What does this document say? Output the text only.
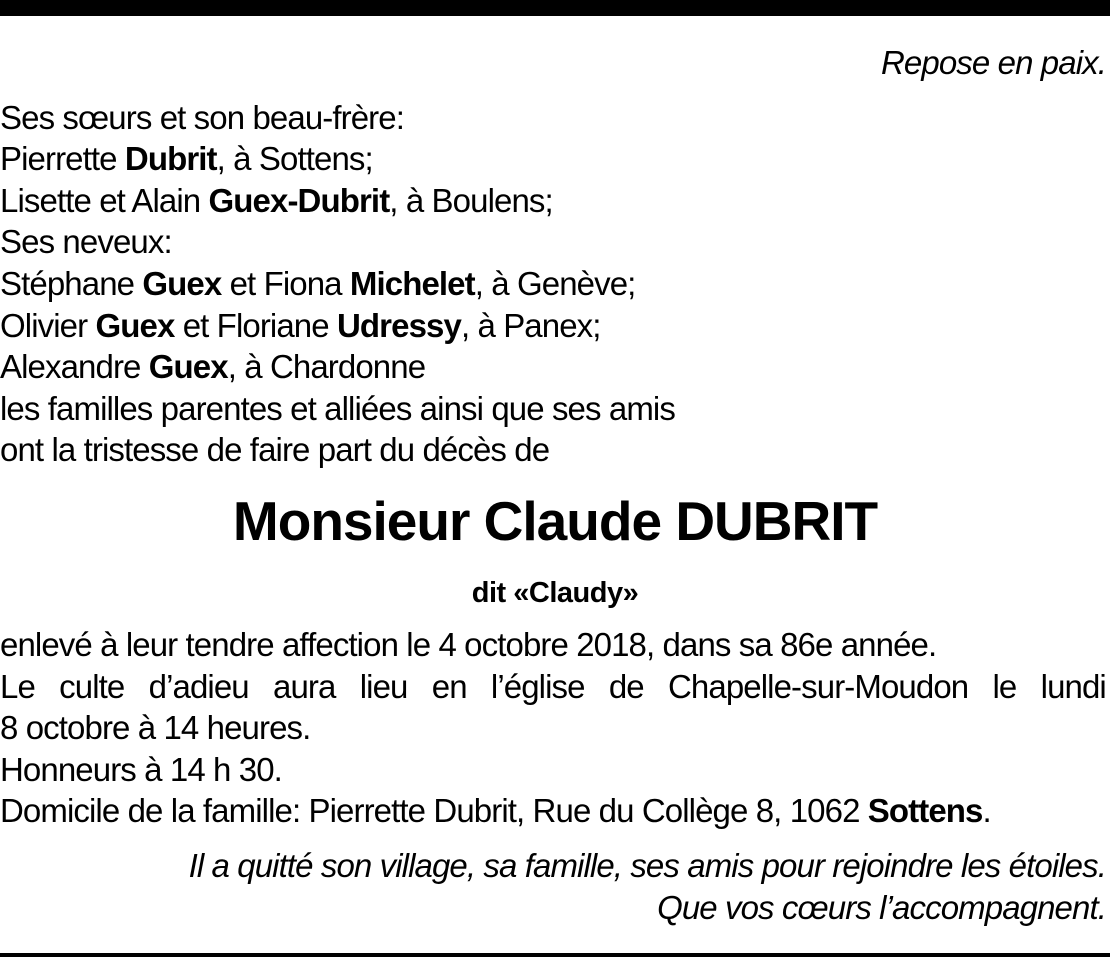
Repose en paix.
Ses sœurs et son beau-frère:
Pierrette Dubrit, à Sottens;
Lisette et Alain Guex-Dubrit, à Boulens;
Ses neveux:
Stéphane Guex et Fiona Michelet, à Genève;
Olivier Guex et Floriane Udressy, à Panex;
Alexandre Guex, à Chardonne
les familles parentes et alliées ainsi que ses amis
ont la tristesse de faire part du décès de
Monsieur Claude DUBRIT
dit «Claudy»
enlevé à leur tendre affection le 4 octobre 2018, dans sa 86e année.
Le culte d’adieu aura lieu en l’église de Chapelle-sur-Moudon le lundi
8 octobre à 14 heures.
Honneurs à 14 h 30.
Domicile de la famille: Pierrette Dubrit, Rue du Collège 8, 1062 Sottens.
Il a quitté son village, sa famille, ses amis pour rejoindre les étoiles.
Que vos cœurs l’accompagnent.
